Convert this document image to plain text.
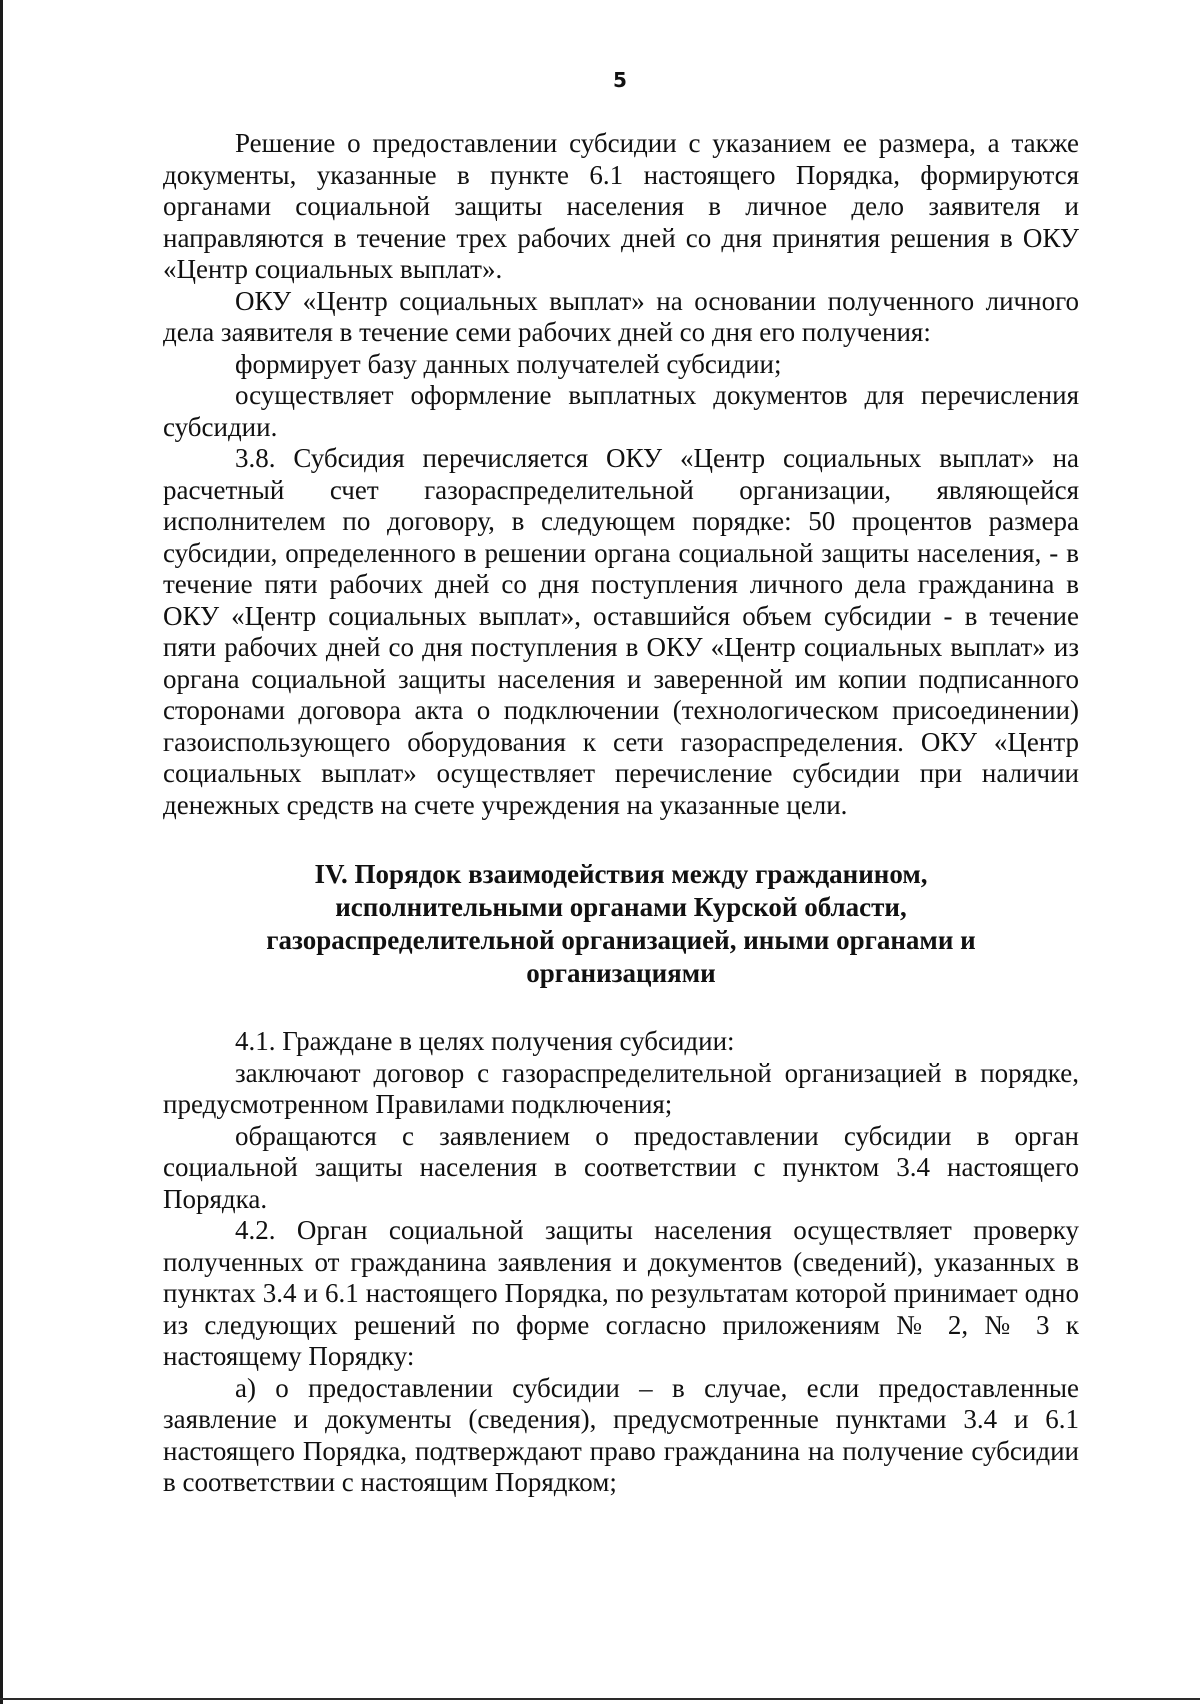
5

Решение о предоставлении субсидии с указанием ее размера, а также документы, указанные в пункте 6.1 настоящего Порядка, формируются органами социальной защиты населения в личное дело заявителя и направляются в течение трех рабочих дней со дня принятия решения в ОКУ «Центр социальных выплат».

ОКУ «Центр социальных выплат» на основании полученного личного дела заявителя в течение семи рабочих дней со дня его получения:

формирует базу данных получателей субсидии;

осуществляет оформление выплатных документов для перечисления субсидии.

3.8. Субсидия перечисляется ОКУ «Центр социальных выплат» на расчетный счет газораспределительной организации, являющейся исполнителем по договору, в следующем порядке: 50 процентов размера субсидии, определенного в решении органа социальной защиты населения, - в течение пяти рабочих дней со дня поступления личного дела гражданина в ОКУ «Центр социальных выплат», оставшийся объем субсидии - в течение пяти рабочих дней со дня поступления в ОКУ «Центр социальных выплат» из органа социальной защиты населения и заверенной им копии подписанного сторонами договора акта о подключении (технологическом присоединении) газоиспользующего оборудования к сети газораспределения. ОКУ «Центр социальных выплат» осуществляет перечисление субсидии при наличии денежных средств на счете учреждения на указанные цели.

IV. Порядок взаимодействия между гражданином,
исполнительными органами Курской области,
газораспределительной организацией, иными органами и
организациями

4.1. Граждане в целях получения субсидии:

заключают договор с газораспределительной организацией в порядке, предусмотренном Правилами подключения;

обращаются с заявлением о предоставлении субсидии в орган социальной защиты населения в соответствии с пунктом 3.4 настоящего Порядка.

4.2. Орган социальной защиты населения осуществляет проверку полученных от гражданина заявления и документов (сведений), указанных в пунктах 3.4 и 6.1 настоящего Порядка, по результатам которой принимает одно из следующих решений по форме согласно приложениям № 2, № 3 к настоящему Порядку:

а) о предоставлении субсидии – в случае, если предоставленные заявление и документы (сведения), предусмотренные пунктами 3.4 и 6.1 настоящего Порядка, подтверждают право гражданина на получение субсидии в соответствии с настоящим Порядком;
